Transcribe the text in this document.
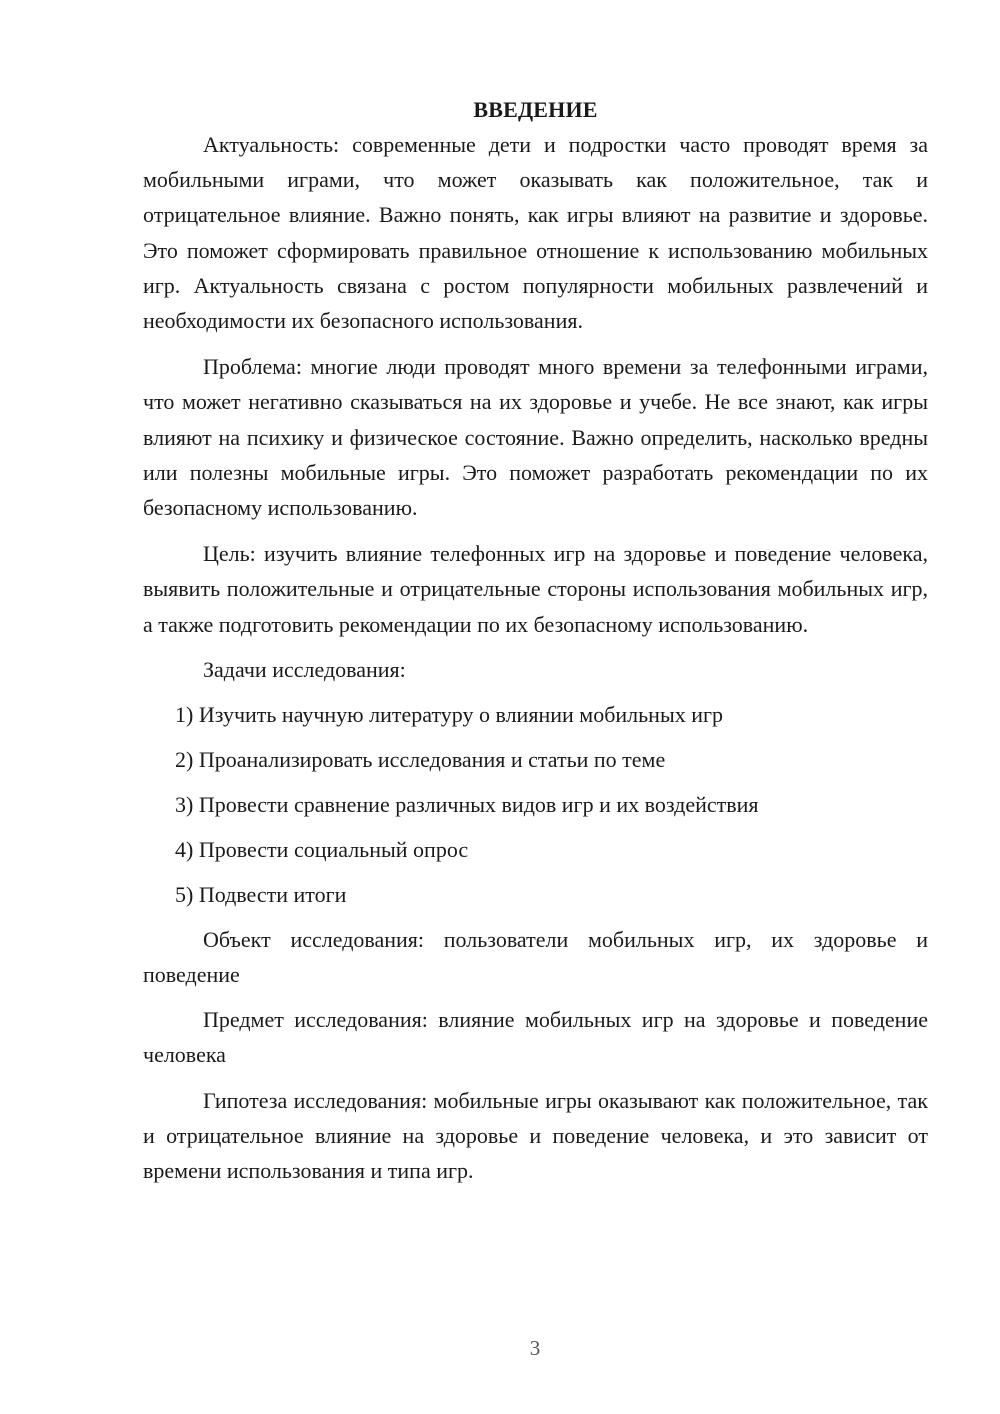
ВВЕДЕНИЕ

Актуальность: современные дети и подростки часто проводят время за мобильными играми, что может оказывать как положительное, так и отрицательное влияние. Важно понять, как игры влияют на развитие и здоровье. Это поможет сформировать правильное отношение к использованию мобильных игр. Актуальность связана с ростом популярности мобильных развлечений и необходимости их безопасного использования.

Проблема: многие люди проводят много времени за телефонными играми, что может негативно сказываться на их здоровье и учебе. Не все знают, как игры влияют на психику и физическое состояние. Важно определить, насколько вредны или полезны мобильные игры. Это поможет разработать рекомендации по их безопасному использованию.

Цель: изучить влияние телефонных игр на здоровье и поведение человека, выявить положительные и отрицательные стороны использования мобильных игр, а также подготовить рекомендации по их безопасному использованию.

Задачи исследования:
1) Изучить научную литературу о влиянии мобильных игр
2) Проанализировать исследования и статьи по теме
3) Провести сравнение различных видов игр и их воздействия
4) Провести социальный опрос
5) Подвести итоги

Объект исследования: пользователи мобильных игр, их здоровье и поведение

Предмет исследования: влияние мобильных игр на здоровье и поведение человека

Гипотеза исследования: мобильные игры оказывают как положительное, так и отрицательное влияние на здоровье и поведение человека, и это зависит от времени использования и типа игр.

3
